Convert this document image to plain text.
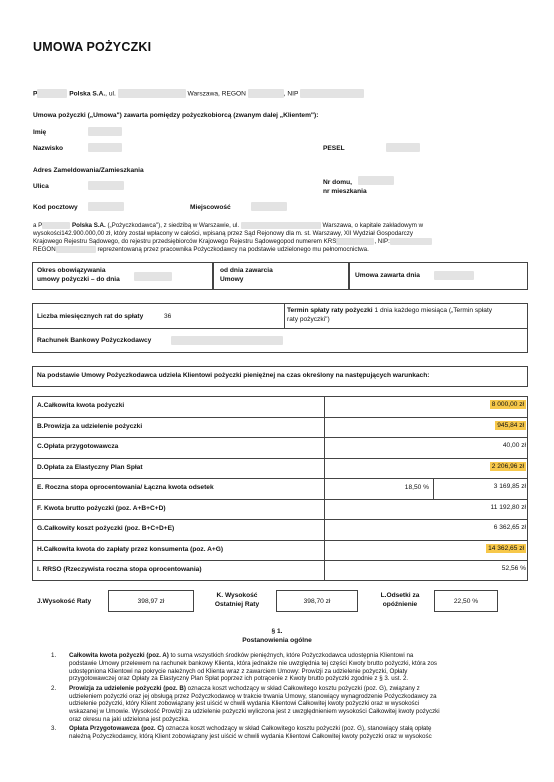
UMOWA POŻYCZKI
P	Polska S.A., ul.	Warszawa, REGON	, NIP
Umowa pożyczki („Umowa") zawarta pomiędzy pożyczkobiorcą (zwanym dalej „Klientem"):
Imię
Nazwisko	PESEL
Adres Zameldowania/Zamieszkania
Ulica
Nr domu,
nr mieszkania
Kod pocztowy	Miejscowość
a P	Polska S.A. („Pożyczkodawca"), z siedzibą w Warszawie, ul.	Warszawa, o kapitale zakładowym w
wysokości142.900.000,00 zł, który został wpłacony w całości, wpisaną przez Sąd Rejonowy dla m. st. Warszawy, XII Wydział Gospodarczy
Krajowego Rejestru Sądowego, do rejestru przedsiębiorców Krajowego Rejestru Sądowegopod numerem KRS	, NIP:
REGON	reprezentowaną przez pracownika Pożyczkodawcy na podstawie udzielonego mu pełnomocnictwa.
Okres obowiązywania
umowy pożyczki – do dnia
od dnia zawarcia
Umowy
Umowa zawarta dnia
Liczba miesięcznych rat do spłaty	36
Termin spłaty raty pożyczki 1 dnia każdego miesiąca („Termin spłaty
raty pożyczki")
Rachunek Bankowy Pożyczkodawcy
Na podstawie Umowy Pożyczkodawca udziela Klientowi pożyczki pieniężnej na czas określony na następujących warunkach:
A.Całkowita kwota pożyczki	8 000,00 zł
B.Prowizja za udzielenie pożyczki	945,84 zł
C.Opłata przygotowawcza	40,00 zł
D.Opłata za Elastyczny Plan Spłat	2 206,96 zł
E. Roczna stopa oprocentowania/ Łączna kwota odsetek	18,50 %	3 169,85 zł
F. Kwota brutto pożyczki (poz. A+B+C+D)	11 192,80 zł
G.Całkowity koszt pożyczki (poz. B+C+D+E)	6 362,65 zł
H.Całkowita kwota do zapłaty przez konsumenta (poz. A+G)	14 362,65 zł
I. RRSO (Rzeczywista roczna stopa oprocentowania)	52,56 %
J.Wysokość Raty	398,97 zł
K. Wysokość
Ostatniej Raty	398,70 zł
L.Odsetki za
opóźnienie	22,50 %
§ 1.
Postanowienia ogólne
1. Całkowita kwota pożyczki (poz. A) to suma wszystkich środków pieniężnych, które Pożyczkodawca udostępnia Klientowi na
podstawie Umowy przelewem na rachunek bankowy Klienta, która jednakże nie uwzględnia tej części Kwoty brutto pożyczki, która zos
udostępniona Klientowi na pokrycie należnych od Klienta wraz z zawarciem Umowy: Prowizji za udzielenie pożyczki, Opłaty
przygotowawczej oraz Opłaty za Elastyczny Plan Spłat poprzez ich potrącenie z Kwoty brutto pożyczki zgodnie z § 3. ust. 2.
2. Prowizja za udzielenie pożyczki (poz. B) oznacza koszt wchodzący w skład Całkowitego kosztu pożyczki (poz. G), związany z
udzieleniem pożyczki oraz jej obsługą przez Pożyczkodawcę w trakcie trwania Umowy, stanowiący wynagrodzenie Pożyczkodawcy za
udzielenie pożyczki, który Klient zobowiązany jest uiścić w chwili wydania Klientowi Całkowitej kwoty pożyczki oraz w wysokości
wskazanej w Umowie. Wysokość Prowizji za udzielenie pożyczki wyliczona jest z uwzględnieniem wysokości Całkowitej kwoty pożyczki
oraz okresu na jaki udzielona jest pożyczka.
3. Opłata Przygotowawcza (poz. C) oznacza koszt wchodzący w skład Całkowitego kosztu pożyczki (poz. G), stanowiący stałą opłatę
należną Pożyczkodawcy, którą Klient zobowiązany jest uiścić w chwili wydania Klientowi Całkowitej kwoty pożyczki oraz w wysokośc
